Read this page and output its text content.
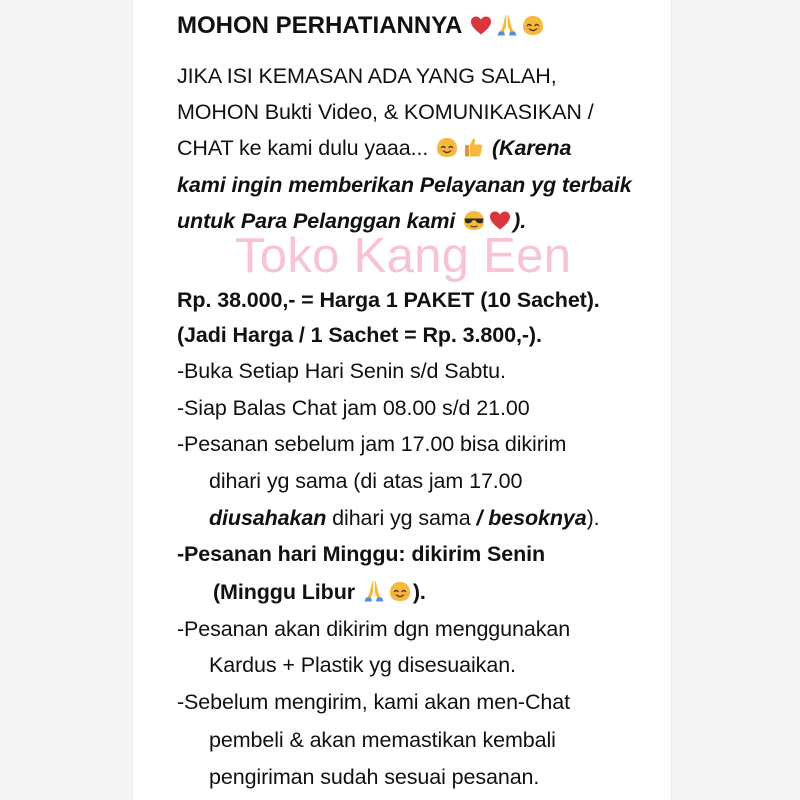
MOHON PERHATIANNYA
JIKA ISI KEMASAN ADA YANG SALAH,
MOHON Bukti Video, & KOMUNIKASIKAN /
CHAT ke kami dulu yaaa...	(Karena
kami ingin memberikan Pelayanan yg terbaik
untuk Para Pelanggan kami	).
Toko Kang Een
Rp. 38.000,- = Harga 1 PAKET (10 Sachet).
(Jadi Harga / 1 Sachet = Rp. 3.800,-).
-Buka Setiap Hari Senin s/d Sabtu.
-Siap Balas Chat jam 08.00 s/d 21.00
-Pesanan sebelum jam 17.00 bisa dikirim
dihari yg sama (di atas jam 17.00
diusahakan dihari yg sama / besoknya).
-Pesanan hari Minggu: dikirim Senin
(Minggu Libur	).
-Pesanan akan dikirim dgn menggunakan
Kardus + Plastik yg disesuaikan.
-Sebelum mengirim, kami akan men-Chat
pembeli & akan memastikan kembali
pengiriman sudah sesuai pesanan.
